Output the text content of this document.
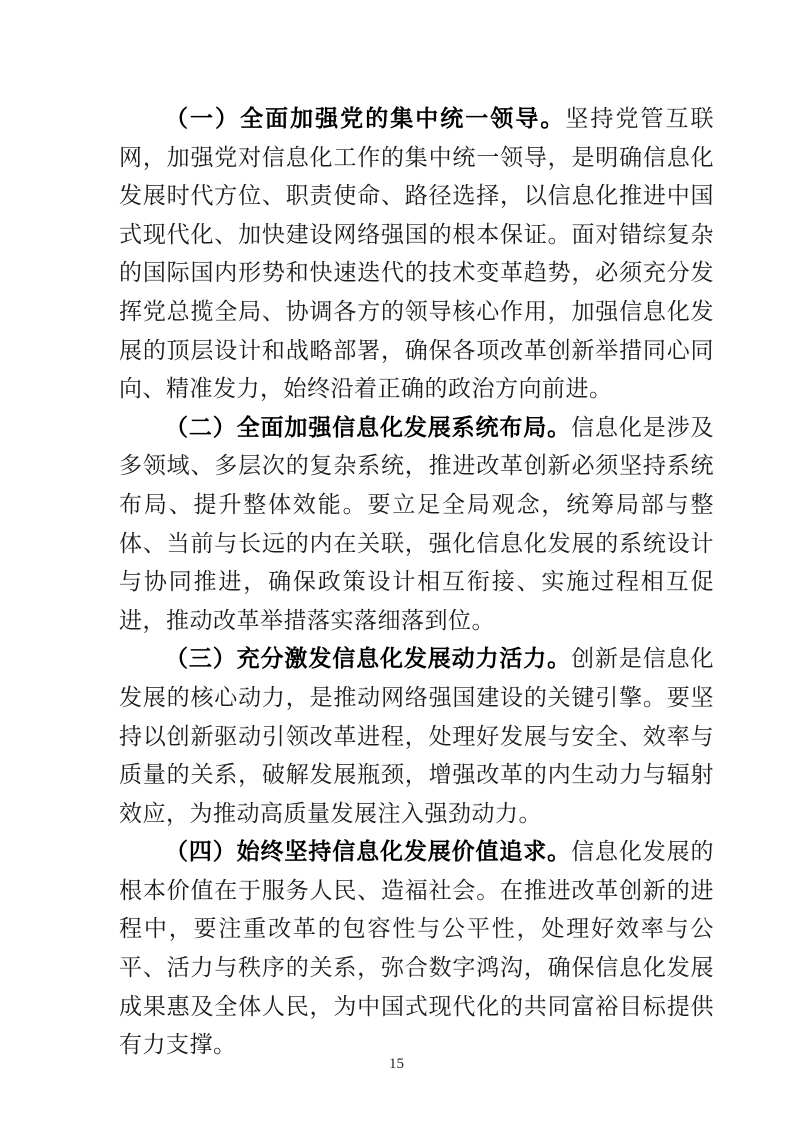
（一）全面加强党的集中统一领导。坚持党管互联网，加强党对信息化工作的集中统一领导，是明确信息化发展时代方位、职责使命、路径选择，以信息化推进中国式现代化、加快建设网络强国的根本保证。面对错综复杂的国际国内形势和快速迭代的技术变革趋势，必须充分发挥党总揽全局、协调各方的领导核心作用，加强信息化发展的顶层设计和战略部署，确保各项改革创新举措同心同向、精准发力，始终沿着正确的政治方向前进。

（二）全面加强信息化发展系统布局。信息化是涉及多领域、多层次的复杂系统，推进改革创新必须坚持系统布局、提升整体效能。要立足全局观念，统筹局部与整体、当前与长远的内在关联，强化信息化发展的系统设计与协同推进，确保政策设计相互衔接、实施过程相互促进，推动改革举措落实落细落到位。

（三）充分激发信息化发展动力活力。创新是信息化发展的核心动力，是推动网络强国建设的关键引擎。要坚持以创新驱动引领改革进程，处理好发展与安全、效率与质量的关系，破解发展瓶颈，增强改革的内生动力与辐射效应，为推动高质量发展注入强劲动力。

（四）始终坚持信息化发展价值追求。信息化发展的根本价值在于服务人民、造福社会。在推进改革创新的进程中，要注重改革的包容性与公平性，处理好效率与公平、活力与秩序的关系，弥合数字鸿沟，确保信息化发展成果惠及全体人民，为中国式现代化的共同富裕目标提供有力支撑。

15
